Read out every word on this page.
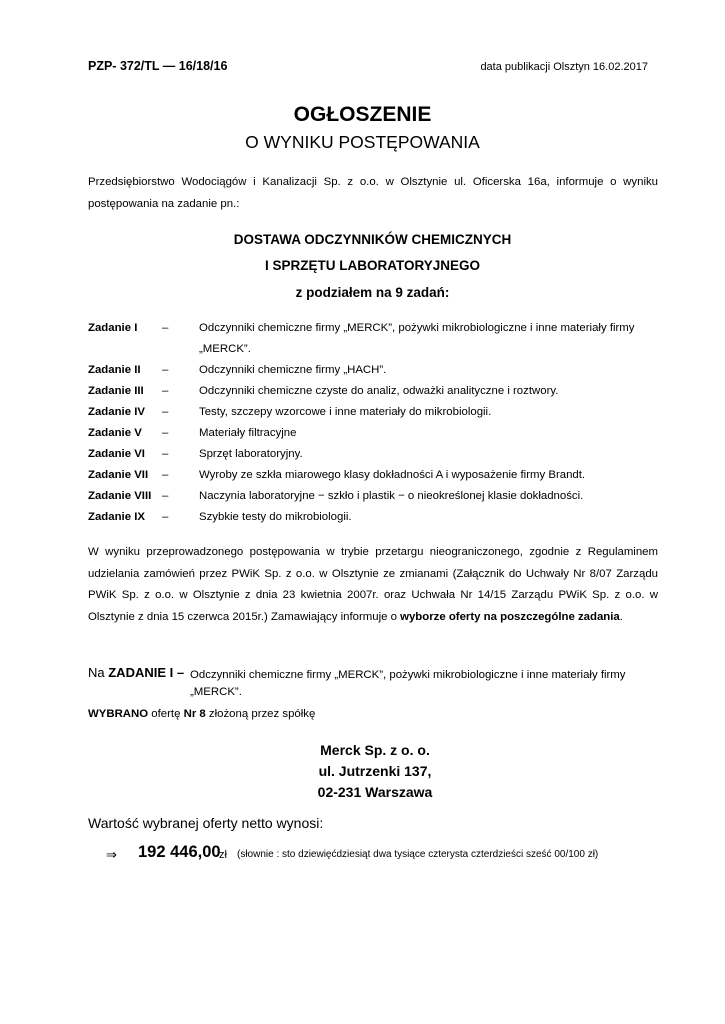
PZP- 372/TL — 16/18/16	data publikacji Olsztyn 16.02.2017
OGŁOSZENIE
O WYNIKU POSTĘPOWANIA
Przedsiębiorstwo Wodociągów i Kanalizacji Sp. z o.o. w Olsztynie ul. Oficerska 16a, informuje o wyniku postępowania na zadanie pn.:
DOSTAWA ODCZYNNIKÓW CHEMICZNYCH
I SPRZĘTU LABORATORYJNEGO
z podziałem na 9 zadań:
Zadanie I –	Odczynniki chemiczne firmy „MERCK”, pożywki mikrobiologiczne i inne materiały firmy „MERCK”.
Zadanie II –	Odczynniki chemiczne firmy „HACH”.
Zadanie III –	Odczynniki chemiczne czyste do analiz, odważki analityczne i roztwory.
Zadanie IV –	Testy, szczepy wzorcowe i inne materiały do mikrobiologii.
Zadanie V –	Materiały filtracyjne
Zadanie VI –	Sprzęt laboratoryjny.
Zadanie VII –	Wyroby ze szkła miarowego klasy dokładności A i wyposażenie firmy Brandt.
Zadanie VIII –	Naczynia laboratoryjne − szkło i plastik − o nieokreślonej klasie dokładności.
Zadanie IX –	Szybkie testy do mikrobiologii.
W wyniku przeprowadzonego postępowania w trybie przetargu nieograniczonego, zgodnie z Regulaminem udzielania zamówień przez PWiK Sp. z o.o. w Olsztynie ze zmianami (Załącznik do Uchwały Nr 8/07 Zarządu PWiK Sp. z o.o. w Olsztynie z dnia 23 kwietnia 2007r. oraz Uchwała Nr 14/15 Zarządu PWiK Sp. z o.o. w Olsztynie z dnia 15 czerwca 2015r.) Zamawiający informuje o wyborze oferty na poszczególne zadania.
Na ZADANIE I – Odczynniki chemiczne firmy „MERCK”, pożywki mikrobiologiczne i inne materiały firmy „MERCK”.
WYBRANO ofertę Nr 8 złożoną przez spółkę
Merck Sp. z o. o.
ul. Jutrzenki 137,
02-231 Warszawa
Wartość wybranej oferty netto wynosi:
⇒ 192 446,00
zł (słownie : sto dziewięćdziesiąt dwa tysiące czterysta czterdzieści sześć 00/100 zł)
